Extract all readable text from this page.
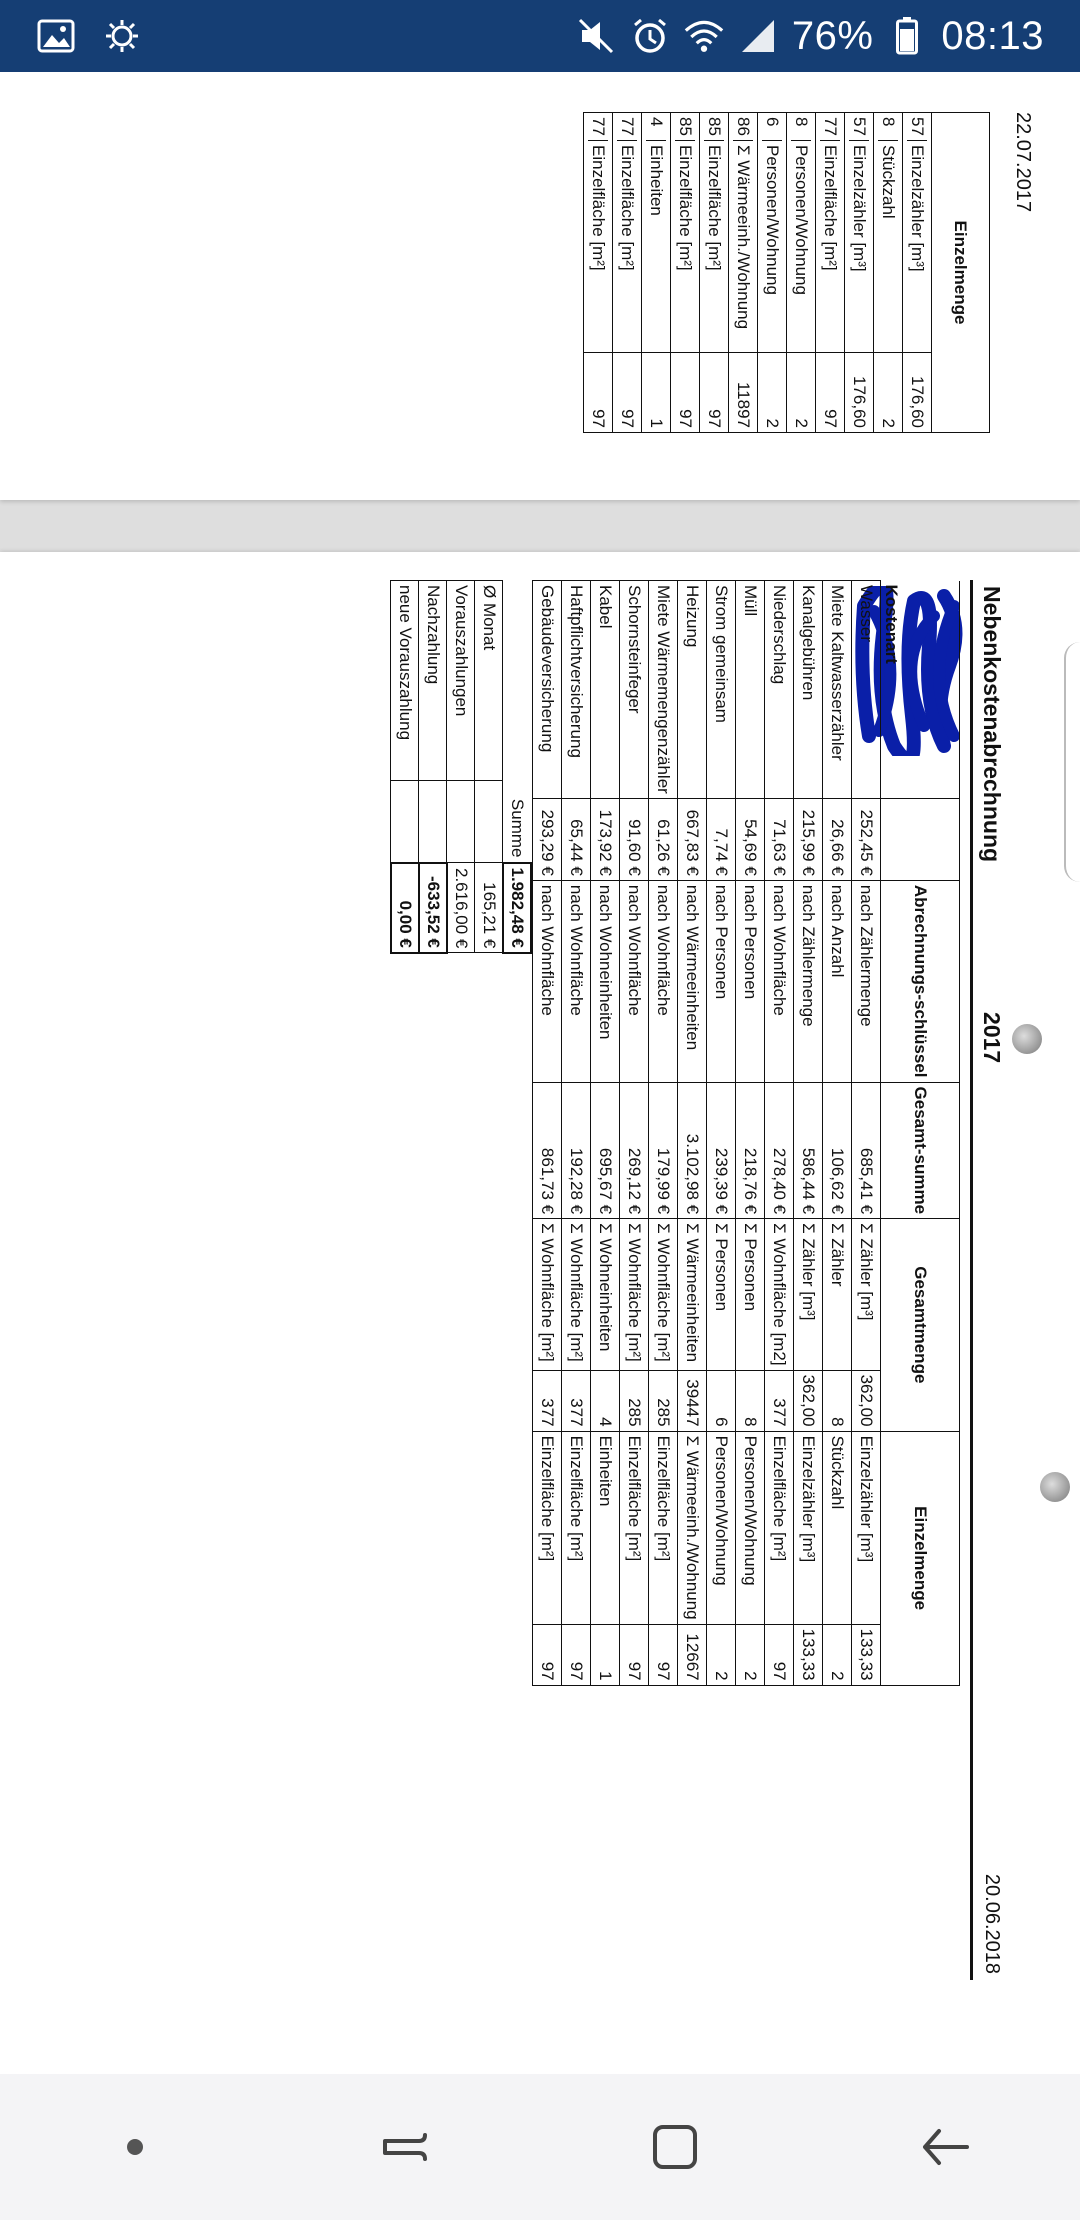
76% 08:13
22.07.2017
Einzelmenge	
57Einzelzähler [m³]	176,60
8Stückzahl	2
57Einzelzähler [m³]	176,60
77Einzelfläche [m²]	97
8Personen/Wohnung	2
6Personen/Wohnung	2
86Σ Wärmeeinh./Wohnung	11897
85Einzelfläche [m²]	97
85Einzelfläche [m²]	97
4Einheiten	1
77Einzelfläche [m²]	97
77Einzelfläche [m²]	97
Nebenkostenabrechnung
2017
20.06.2018
Kostenart		Abrechnungs-schlüssel	Gesamt-summe	Gesamtmenge		Einzelmenge	
Wasser	252,45 €	nach Zählermenge	685,41 €	Σ Zähler [m³]	362,00	Einzelzähler [m³]	133,33
Miete Kaltwasserzähler	26,66 €	nach Anzahl	106,62 €	Σ Zähler	8	Stückzahl	2
Kanalgebühren	215,99 €	nach Zählermenge	586,44 €	Σ Zähler [m³]	362,00	Einzelzähler [m³]	133,33
Niederschlag	71,63 €	nach Wohnfläche	278,40 €	Σ Wohnfläche [m2]	377	Einzelfläche [m²]	97
Müll	54,69 €	nach Personen	218,76 €	Σ Personen	8	Personen/Wohnung	2
Strom gemeinsam	7,74 €	nach Personen	239,39 €	Σ Personen	6	Personen/Wohnung	2
Heizung	667,83 €	nach Wärmeeinheiten	3.102,98 €	Σ Wärmeeinheiten	39447	Σ Wärmeeinh./Wohnung	12667
Miete Wärmemengenzähler	61,26 €	nach Wohnfläche	179,99 €	Σ Wohnfläche [m²]	285	Einzelfläche [m²]	97
Schornsteinfeger	91,60 €	nach Wohnfläche	269,12 €	Σ Wohnfläche [m²]	285	Einzelfläche [m²]	97
Kabel	173,92 €	nach Wohneinheiten	695,67 €	Σ Wohneinheiten	4	Einheiten	1
Haftpflichtversicherung	65,44 €	nach Wohnfläche	192,28 €	Σ Wohnfläche [m²]	377	Einzelfläche [m²]	97
Gebäudeversicherung	293,29 €	nach Wohnfläche	861,73 €	Σ Wohnfläche [m²]	377	Einzelfläche [m²]	97
	Summe	1.982,48 €
Ø Monat		165,21 €
Vorauszahlungen		2.616,00 €
Nachzahlung		-633,52 €
neue Vorauszahlung		0,00 €
